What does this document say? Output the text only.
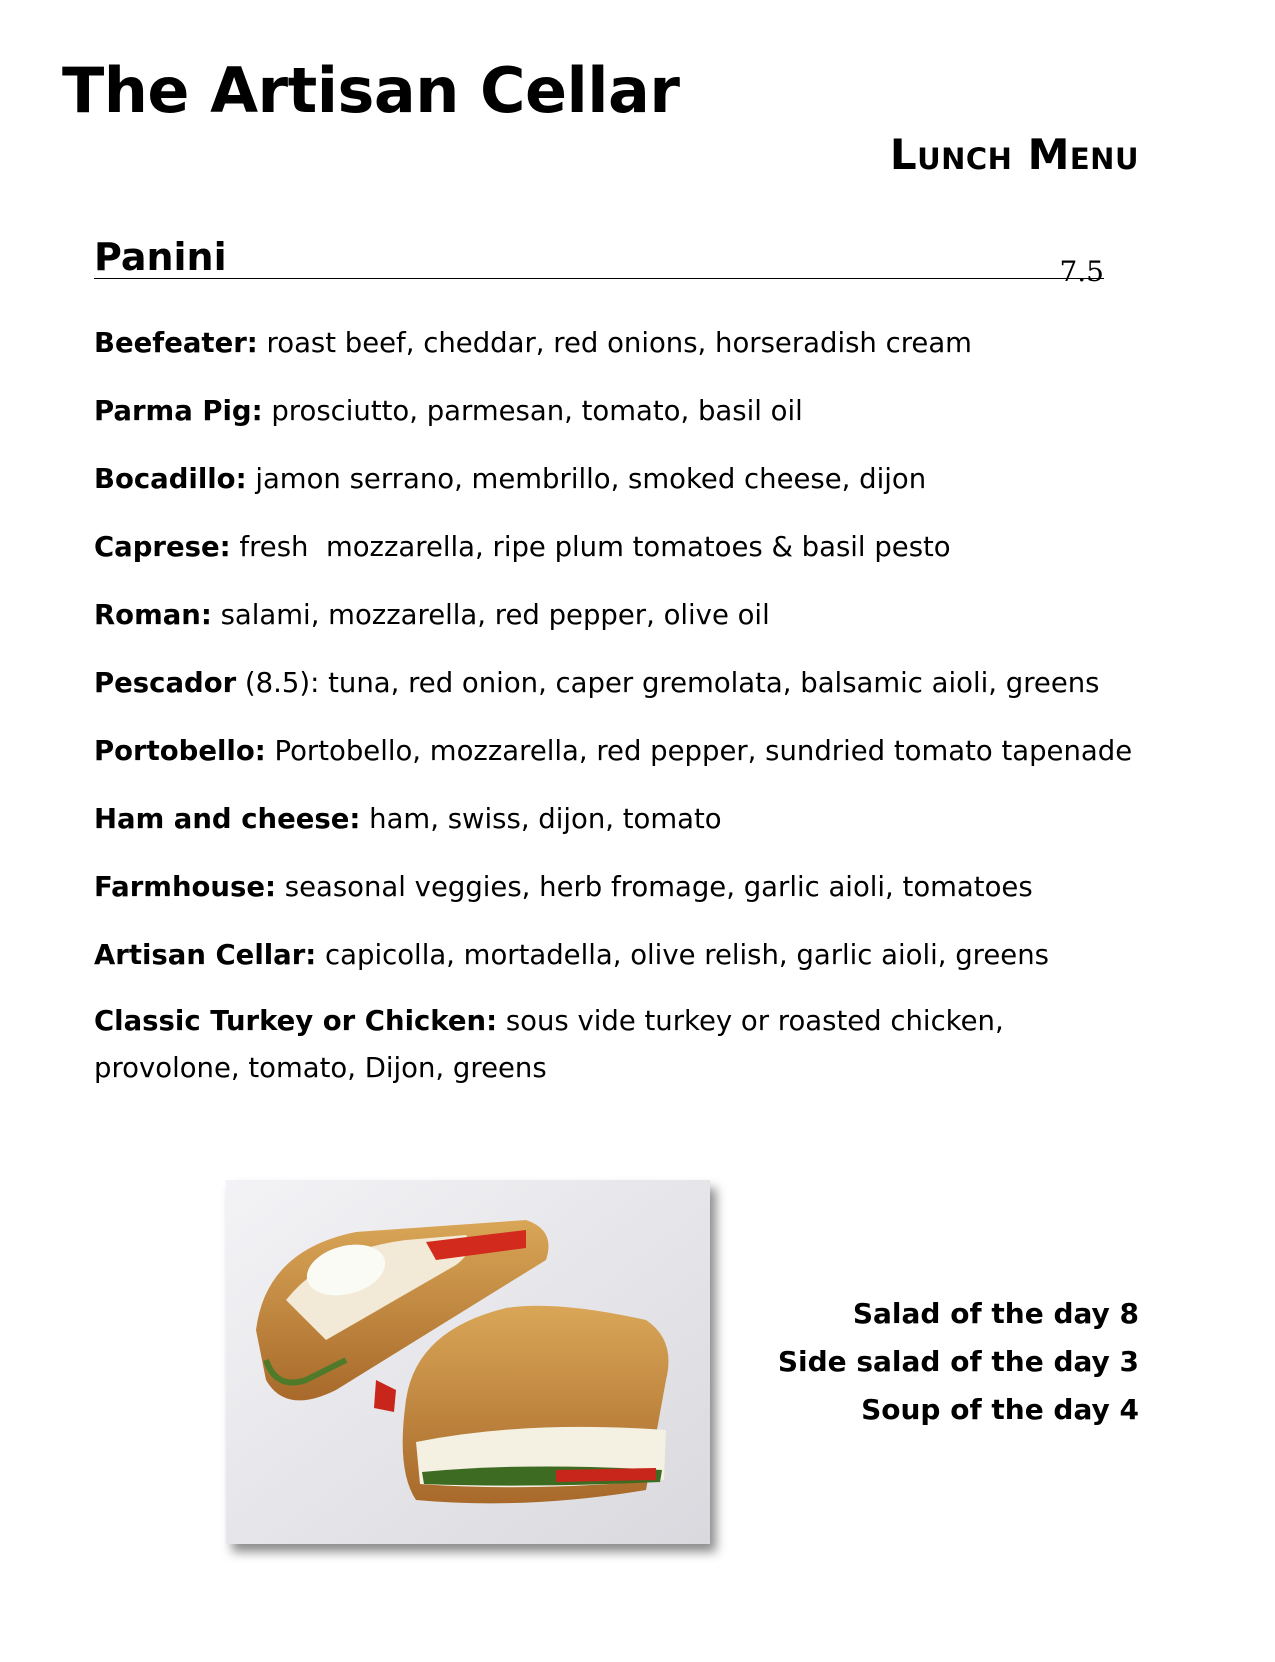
The Artisan Cellar
Lunch Menu
Panini	7.5
Beefeater: roast beef, cheddar, red onions, horseradish cream
Parma Pig: prosciutto, parmesan, tomato, basil oil
Bocadillo: jamon serrano, membrillo, smoked cheese, dijon
Caprese: fresh  mozzarella, ripe plum tomatoes & basil pesto
Roman: salami, mozzarella, red pepper, olive oil
Pescador (8.5): tuna, red onion, caper gremolata, balsamic aioli, greens
Portobello: Portobello, mozzarella, red pepper, sundried tomato tapenade
Ham and cheese: ham, swiss, dijon, tomato
Farmhouse: seasonal veggies, herb fromage, garlic aioli, tomatoes
Artisan Cellar: capicolla, mortadella, olive relish, garlic aioli, greens
Classic Turkey or Chicken: sous vide turkey or roasted chicken, provolone, tomato, Dijon, greens
Salad of the day 8
Side salad of the day 3
Soup of the day 4
